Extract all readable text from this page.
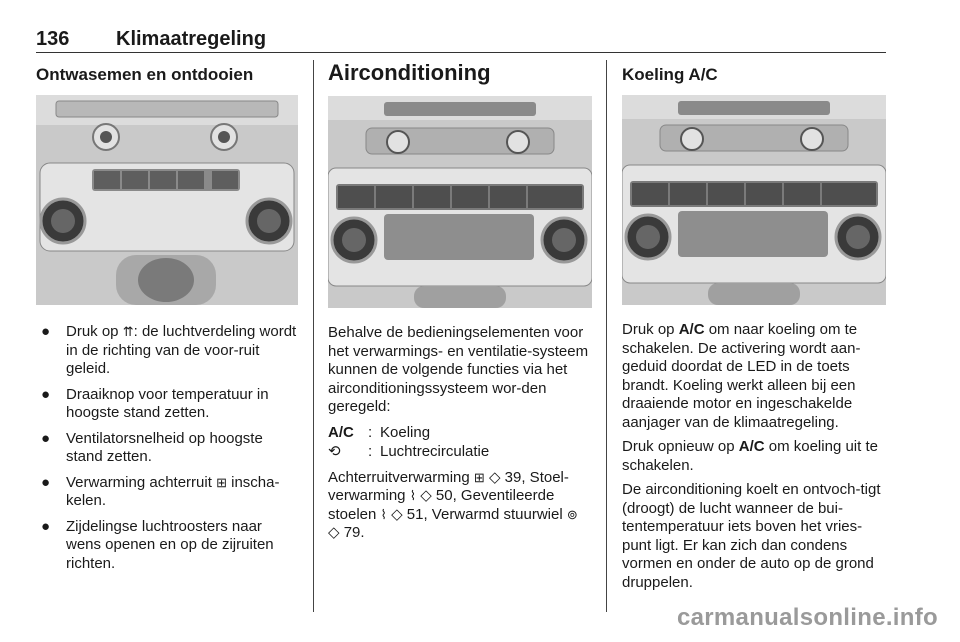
136 Klimaatregeling
Ontwasemen en ontdooien
● Druk op ⇈: de luchtverdeling wordt in de richting van de voor-ruit geleid.
● Draaiknop voor temperatuur in hoogste stand zetten.
● Ventilatorsnelheid op hoogste stand zetten.
● Verwarming achterruit ⊞ inscha-kelen.
● Zijdelingse luchtroosters naar wens openen en op de zijruiten richten.
Airconditioning

Behalve de bedieningselementen voor het verwarmings- en ventilatie-systeem kunnen de volgende functies via het airconditioningssysteem wor-den geregeld:

A/C : Koeling
⟲	: Luchtrecirculatie

Achterruitverwarming ⊞ ◇ 39, Stoel-verwarming ⌇ ◇ 50, Geventileerde stoelen ⌇ ◇ 51, Verwarmd stuurwiel ⊚ ◇ 79.

Koeling A/C

Druk op A/C om naar koeling om te schakelen. De activering wordt aan-geduid doordat de LED in de toets brandt. Koeling werkt alleen bij een draaiende motor en ingeschakelde aanjager van de klimaatregeling.

Druk opnieuw op A/C om koeling uit te schakelen.

De airconditioning koelt en ontvoch-tigt (droogt) de lucht wanneer de bui-tentemperatuur iets boven het vries-punt ligt. Er kan zich dan condens vormen en onder de auto op de grond druppelen.

carmanualsonline.info
